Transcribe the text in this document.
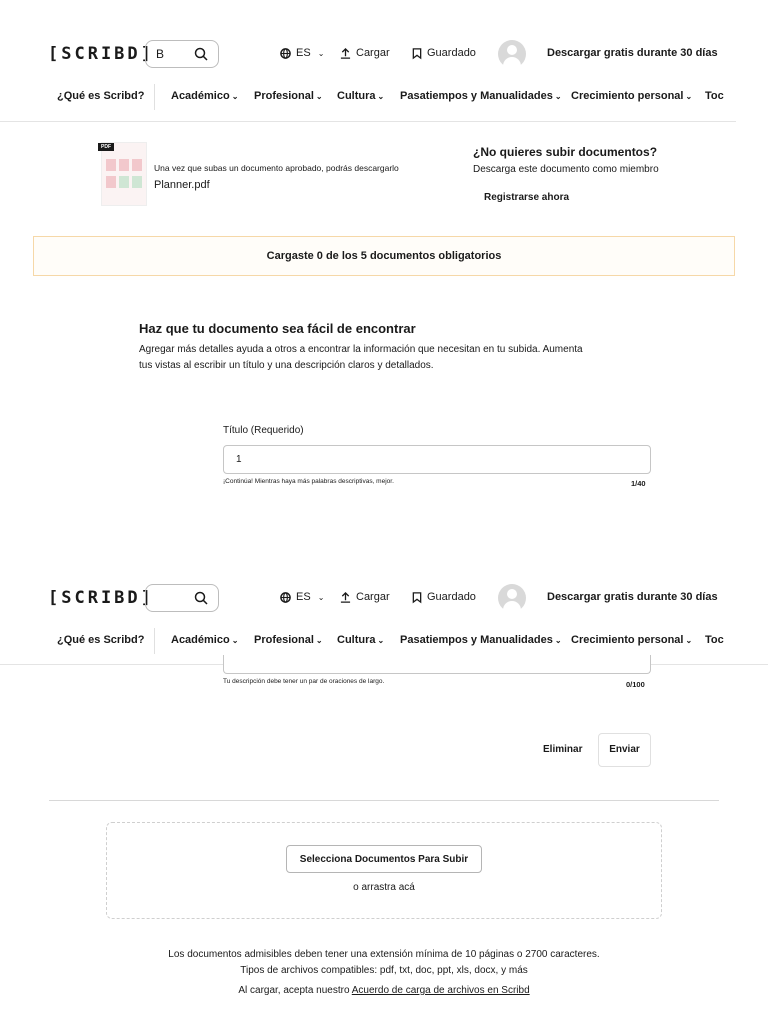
[SCRIBD] B	ES ⌄	Cargar	Guardado	Descargar gratis durante 30 días
¿Qué es Scribd? Académico ⌄ Profesional ⌄ Cultura ⌄ Pasatiempos y Manualidades ⌄ Crecimiento personal ⌄ Toc
PDF
Una vez que subas un documento aprobado, podrás descargarlo
Planner.pdf
¿No quieres subir documentos?
Descarga este documento como miembro
Registrarse ahora
Cargaste 0 de los 5 documentos obligatorios
Haz que tu documento sea fácil de encontrar
Agregar más detalles ayuda a otros a encontrar la información que necesitan en tu subida. Aumenta
tus vistas al escribir un título y una descripción claros y detallados.
Título (Requerido)
1
¡Continúa! Mientras haya más palabras descriptivas, mejor.	1/40
[SCRIBD]	ES ⌄	Cargar	Guardado	Descargar gratis durante 30 días
¿Qué es Scribd? Académico ⌄ Profesional ⌄ Cultura ⌄ Pasatiempos y Manualidades ⌄ Crecimiento personal ⌄ Toc
Tu descripción debe tener un par de oraciones de largo.	0/100
Eliminar	Enviar
Selecciona Documentos Para Subir
o arrastra acá
Los documentos admisibles deben tener una extensión mínima de 10 páginas o 2700 caracteres.
Tipos de archivos compatibles: pdf, txt, doc, ppt, xls, docx, y más
Al cargar, acepta nuestro Acuerdo de carga de archivos en Scribd
